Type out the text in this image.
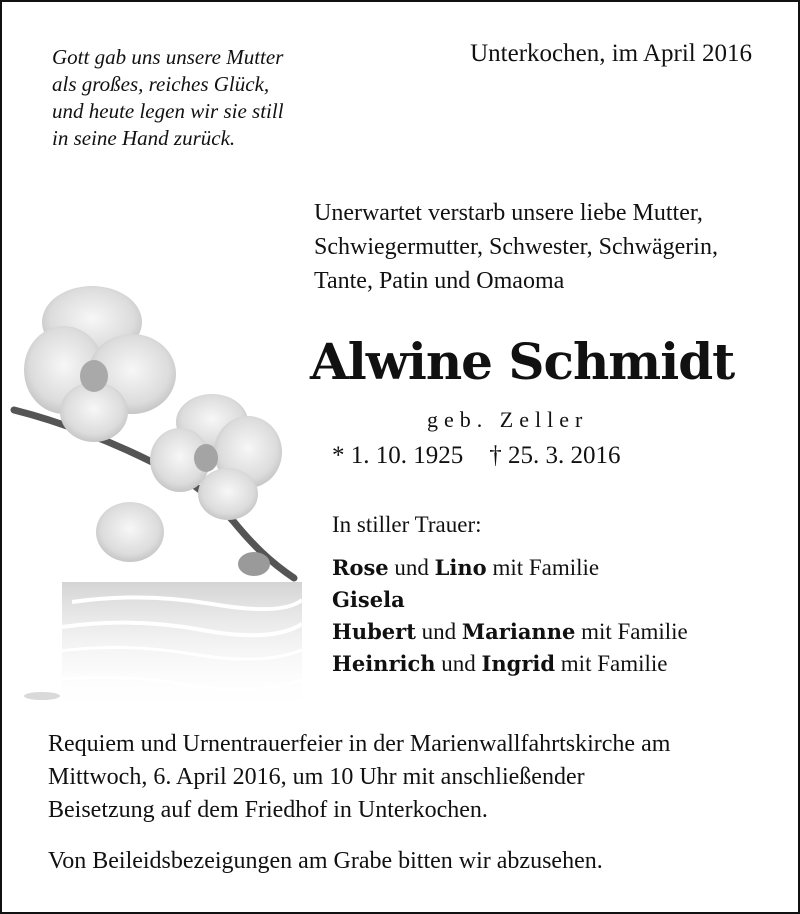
Gott gab uns unsere Mutter
als großes, reiches Glück,
und heute legen wir sie still
in seine Hand zurück.
Unterkochen, im April 2016
Unerwartet verstarb unsere liebe Mutter,
Schwiegermutter, Schwester, Schwägerin,
Tante, Patin und Omaoma
Alwine Schmidt
geb. Zeller
* 1. 10. 1925 † 25. 3. 2016
In stiller Trauer:
Rose und Lino mit Familie
Gisela
Hubert und Marianne mit Familie
Heinrich und Ingrid mit Familie
Requiem und Urnentrauerfeier in der Marienwallfahrtskirche am
Mittwoch, 6. April 2016, um 10 Uhr mit anschließender
Beisetzung auf dem Friedhof in Unterkochen.
Von Beileidsbezeigungen am Grabe bitten wir abzusehen.
